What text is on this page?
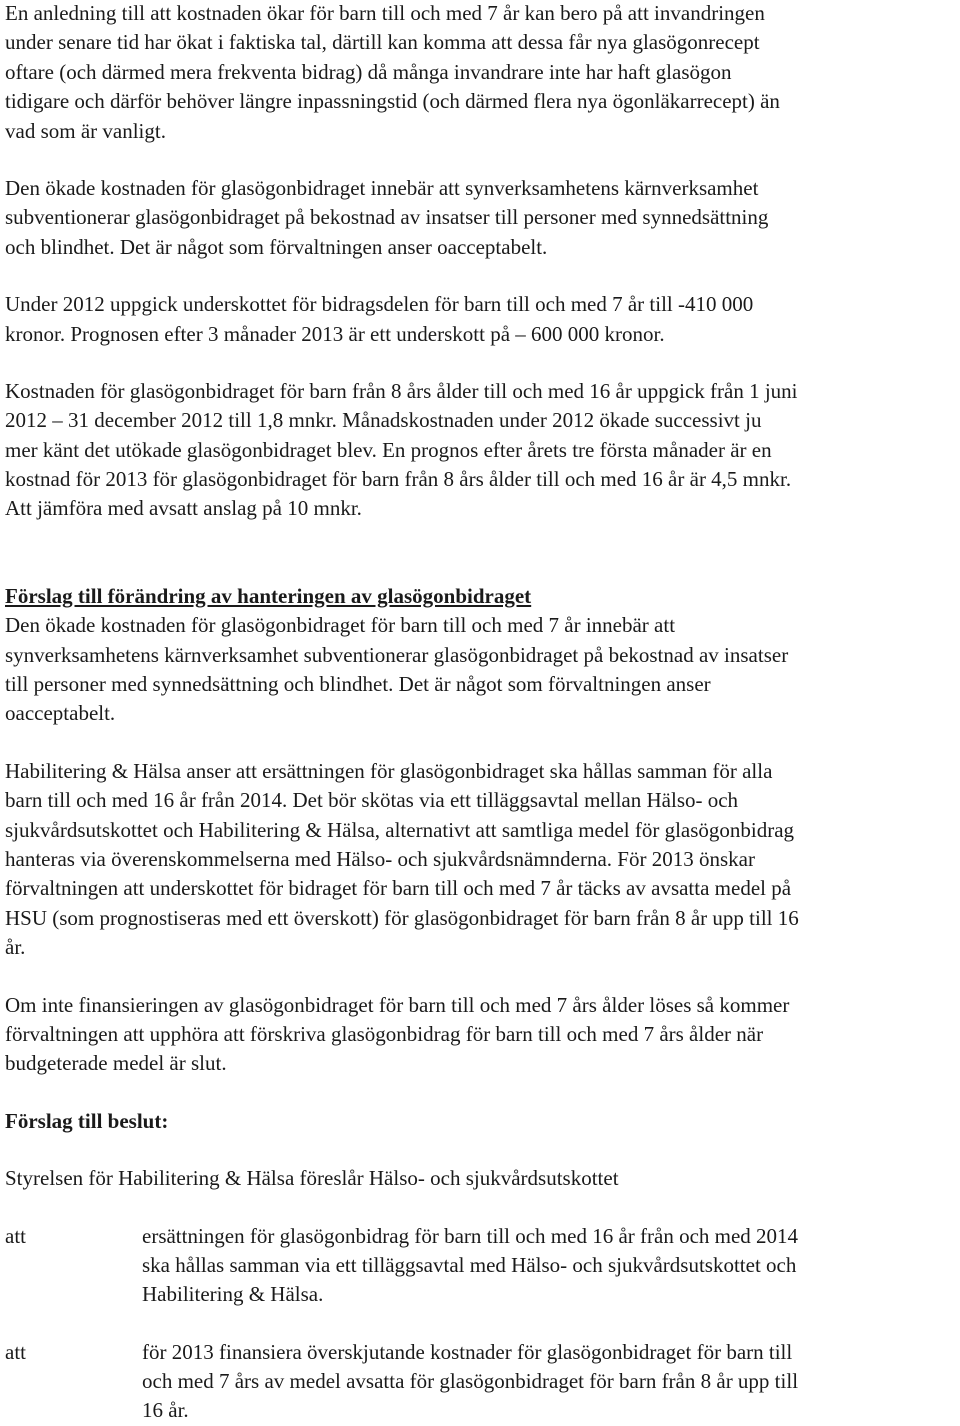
En anledning till att kostnaden ökar för barn till och med 7 år kan bero på att invandringen
under senare tid har ökat i faktiska tal, därtill kan komma att dessa får nya glasögonrecept
oftare (och därmed mera frekventa bidrag) då många invandrare inte har haft glasögon
tidigare och därför behöver längre inpassningstid (och därmed flera nya ögonläkarrecept) än
vad som är vanligt.
Den ökade kostnaden för glasögonbidraget innebär att synverksamhetens kärnverksamhet
subventionerar glasögonbidraget på bekostnad av insatser till personer med synnedsättning
och blindhet. Det är något som förvaltningen anser oacceptabelt.
Under 2012 uppgick underskottet för bidragsdelen för barn till och med 7 år till -410 000
kronor. Prognosen efter 3 månader 2013 är ett underskott på – 600 000 kronor.
Kostnaden för glasögonbidraget för barn från 8 års ålder till och med 16 år uppgick från 1 juni
2012 – 31 december 2012 till 1,8 mnkr. Månadskostnaden under 2012 ökade successivt ju
mer känt det utökade glasögonbidraget blev. En prognos efter årets tre första månader är en
kostnad för 2013 för glasögonbidraget för barn från 8 års ålder till och med 16 år är 4,5 mnkr.
Att jämföra med avsatt anslag på 10 mnkr.
Förslag till förändring av hanteringen av glasögonbidraget
Den ökade kostnaden för glasögonbidraget för barn till och med 7 år innebär att
synverksamhetens kärnverksamhet subventionerar glasögonbidraget på bekostnad av insatser
till personer med synnedsättning och blindhet. Det är något som förvaltningen anser
oacceptabelt.
Habilitering & Hälsa anser att ersättningen för glasögonbidraget ska hållas samman för alla
barn till och med 16 år från 2014. Det bör skötas via ett tilläggsavtal mellan Hälso- och
sjukvårdsutskottet och Habilitering & Hälsa, alternativt att samtliga medel för glasögonbidrag
hanteras via överenskommelserna med Hälso- och sjukvårdsnämnderna. För 2013 önskar
förvaltningen att underskottet för bidraget för barn till och med 7 år täcks av avsatta medel på
HSU (som prognostiseras med ett överskott) för glasögonbidraget för barn från 8 år upp till 16
år.
Om inte finansieringen av glasögonbidraget för barn till och med 7 års ålder löses så kommer
förvaltningen att upphöra att förskriva glasögonbidrag för barn till och med 7 års ålder när
budgeterade medel är slut.
Förslag till beslut:
Styrelsen för Habilitering & Hälsa föreslår Hälso- och sjukvårdsutskottet
att	ersättningen för glasögonbidrag för barn till och med 16 år från och med 2014
ska hållas samman via ett tilläggsavtal med Hälso- och sjukvårdsutskottet och
Habilitering & Hälsa.
att	för 2013 finansiera överskjutande kostnader för glasögonbidraget för barn till
och med 7 års av medel avsatta för glasögonbidraget för barn från 8 år upp till
16 år.
